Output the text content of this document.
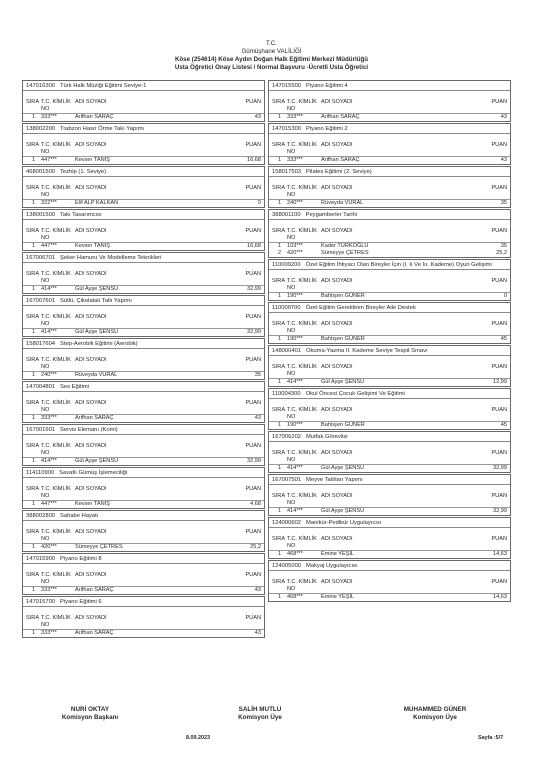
T.C.
Gümüşhane VALİLİĞİ
Köse (254614) Köse Aydın Doğan Halk Eğitimi Merkezi Müdürlüğü
Usta Öğretici Onay Listesi / Normal Başvuru -Ücretli Usta Öğretici
147016300 Türk Halk Müziği Eğitimi Seviye-1
SIRA T.C. KİMLİK NO
ADI SOYADI	PUAN
1	333***	Arifhan SARAÇ	43
138002200 Trabzon Hasır Örme Takı Yapımı
SIRA T.C. KİMLİK NO
ADI SOYADI	PUAN
1	447***	Kevser TANIŞ	16,68
468001500 Tezhip (1. Seviye)
SIRA T.C. KİMLİK NO
ADI SOYADI	PUAN
1	322***	Elif ALP KALKAN	0
138001500 Takı Tasarımcısı
SIRA T.C. KİMLİK NO
ADI SOYADI	PUAN
1	447***	Kevser TANIŞ	16,68
167006701 Şeker Hamuru Ve Modelleme Teknikleri
SIRA T.C. KİMLİK NO
ADI SOYADI	PUAN
1	414***	Gül Ayşe ŞENSU	32,99
167007601 Sütlü, Çikolatalı Tatlı Yapımı
SIRA T.C. KİMLİK NO
ADI SOYADI	PUAN
1	414***	Gül Ayşe ŞENSU	32,99
158017604 Step-Aerobik Eğitimi (Aerobik)
SIRA T.C. KİMLİK NO
ADI SOYADI	PUAN
1	240***	Rüveyda VURAL	35
147004801 Ses Eğitimi
SIRA T.C. KİMLİK NO
ADI SOYADI	PUAN
1	333***	Arifhan SARAÇ	43
167001601 Servis Elemanı (Komi)
SIRA T.C. KİMLİK NO
ADI SOYADI	PUAN
1	414***	Gül Ayşe ŞENSU	32,99
114110900 Savatlı Gümüş İşlemeciliği
SIRA T.C. KİMLİK NO
ADI SOYADI	PUAN
1	447***	Kevser TANIŞ	4,68
388002800 Sahabe Hayatı
SIRA T.C. KİMLİK NO
ADI SOYADI	PUAN
1	420***	Sümeyye ÇETRES	25,2
147015900 Piyano Eğitimi 8
SIRA T.C. KİMLİK NO
ADI SOYADI	PUAN
1	333***	Arifhan SARAÇ	43
147015700 Piyano Eğitimi 6
SIRA T.C. KİMLİK NO
ADI SOYADI	PUAN
1	333***	Arifhan SARAÇ	43
147015500 Piyano Eğitimi 4
SIRA T.C. KİMLİK NO
ADI SOYADI	PUAN
1	333***	Arifhan SARAÇ	43
147015300 Piyano Eğitimi 2
SIRA T.C. KİMLİK NO
ADI SOYADI	PUAN
1	333***	Arifhan SARAÇ	43
158017503 Pilates Eğitimi (2. Seviye)
SIRA T.C. KİMLİK NO
ADI SOYADI	PUAN
1	240***	Rüveyda VURAL	35
388001100 Peygamberler Tarihi
SIRA T.C. KİMLİK NO
ADI SOYADI	PUAN
1	103***	Kader TÜRKOĞLU	35
2	420***	Sümeyye ÇETRES	25,2
110009200 Özel Eğitim İhtiyacı Olan Bireyler İçin (I. Iı Ve Iıı. Kademe) Oyun Gelişimi
SIRA T.C. KİMLİK NO
ADI SOYADI	PUAN
1	190***	Bahtışen GÜNER	0
110000700 Özel Eğitim Gerektiren Bireyler Aile Destek
SIRA T.C. KİMLİK NO
ADI SOYADI	PUAN
1	190***	Bahtışen GÜNER	45
148000401 Okuma-Yazma II. Kademe Seviye Tespit Sınavı
SIRA T.C. KİMLİK NO
ADI SOYADI	PUAN
1	414***	Gül Ayşe ŞENSU	12,99
110004300 Okul Öncesi Çocuk Gelişimi Ve Eğitimi
SIRA T.C. KİMLİK NO
ADI SOYADI	PUAN
1	190***	Bahtışen GÜNER	45
167006202 Mutfak Görevlisi
SIRA T.C. KİMLİK NO
ADI SOYADI	PUAN
1	414***	Gül Ayşe ŞENSU	32,99
167007501 Meyve Tatlıları Yapımı
SIRA T.C. KİMLİK NO
ADI SOYADI	PUAN
1	414***	Gül Ayşe ŞENSU	32,99
124000602 Manikür-Pedikür Uygulayıcısı
SIRA T.C. KİMLİK NO
ADI SOYADI	PUAN
1	468***	Emine YEŞİL	14,63
124005000 Makyaj Uygulayıcısı
SIRA T.C. KİMLİK NO
ADI SOYADI	PUAN
1	468***	Emine YEŞİL	14,63
NURİ OKTAY
Komisyon Başkanı
SALİH MUTLU
Komisyon Üye
MUHAMMED GÜNER
Komisyon Üye
8.09.2023	Sayfa :5/7
